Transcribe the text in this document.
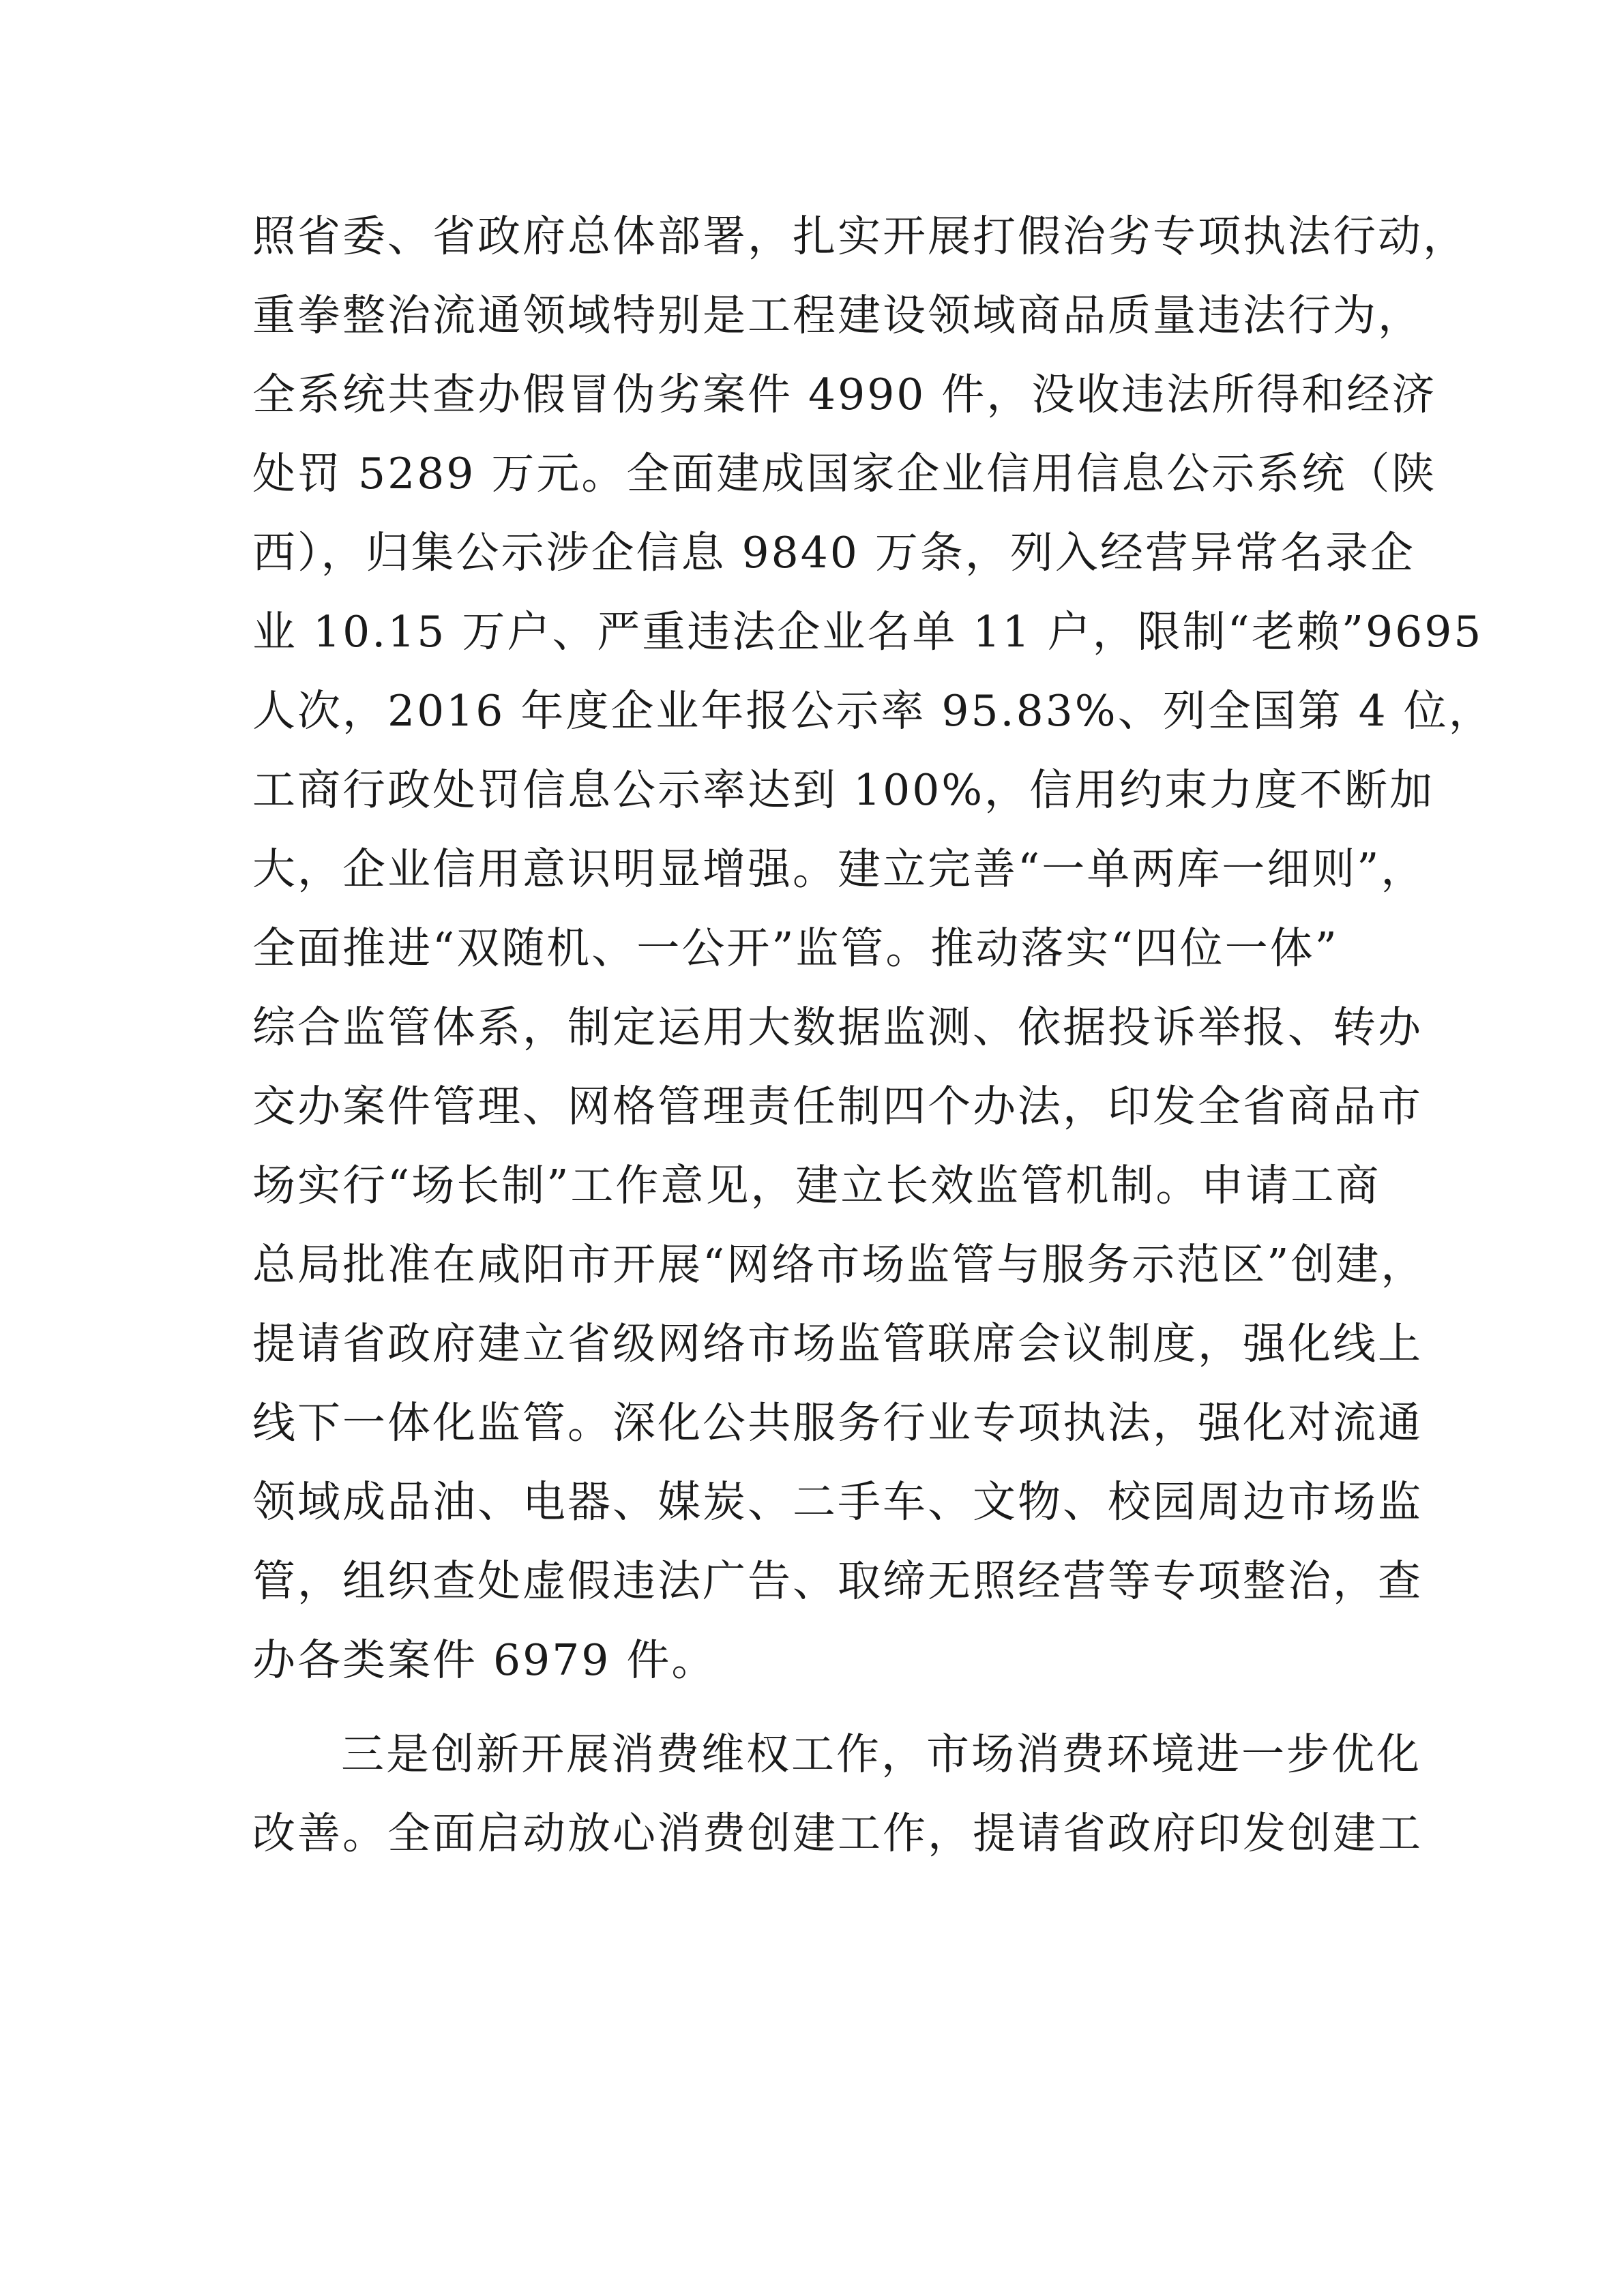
照省委、省政府总体部署，扎实开展打假治劣专项执法行动，
重拳整治流通领域特别是工程建设领域商品质量违法行为，
全系统共查办假冒伪劣案件 4990 件，没收违法所得和经济
处罚 5289 万元。全面建成国家企业信用信息公示系统（陕
西），归集公示涉企信息 9840 万条，列入经营异常名录企
业 10.15 万户、严重违法企业名单 11 户，限制“老赖”9695
人次，2016 年度企业年报公示率 95.83%、列全国第 4 位，
工商行政处罚信息公示率达到 100%，信用约束力度不断加
大，企业信用意识明显增强。建立完善“一单两库一细则”，
全面推进“双随机、一公开”监管。推动落实“四位一体”
综合监管体系，制定运用大数据监测、依据投诉举报、转办
交办案件管理、网格管理责任制四个办法，印发全省商品市
场实行“场长制”工作意见，建立长效监管机制。申请工商
总局批准在咸阳市开展“网络市场监管与服务示范区”创建，
提请省政府建立省级网络市场监管联席会议制度，强化线上
线下一体化监管。深化公共服务行业专项执法，强化对流通
领域成品油、电器、媒炭、二手车、文物、校园周边市场监
管，组织查处虚假违法广告、取缔无照经营等专项整治，查
办各类案件 6979 件。
三是创新开展消费维权工作，市场消费环境进一步优化
改善。全面启动放心消费创建工作，提请省政府印发创建工
